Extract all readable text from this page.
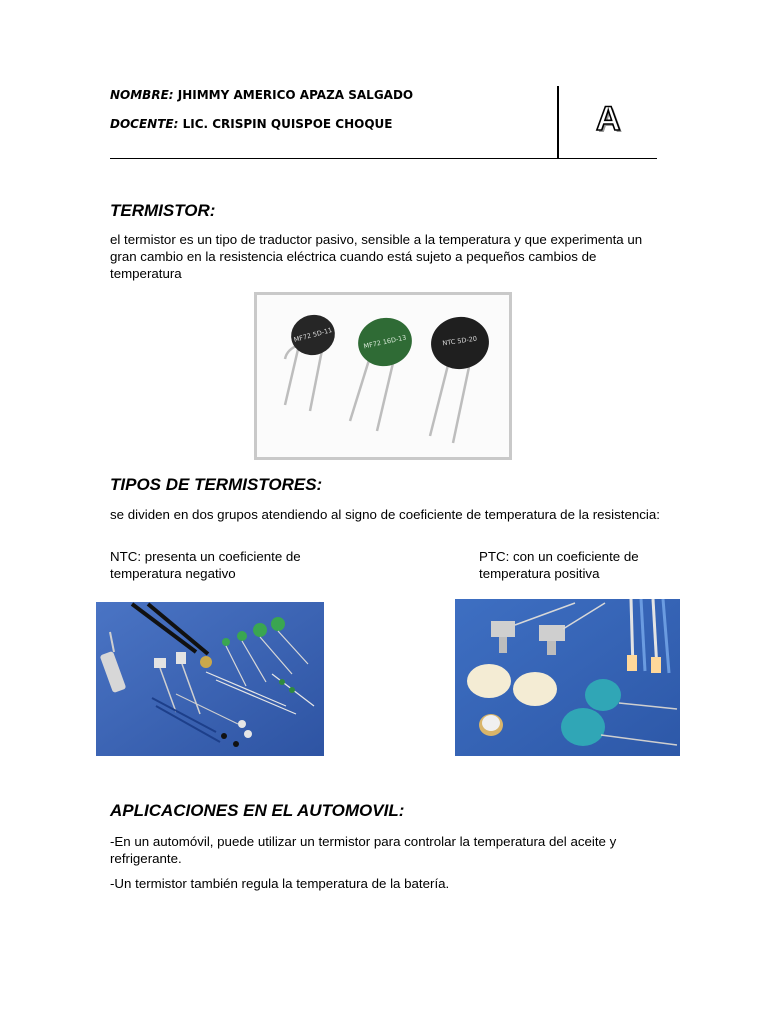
NOMBRE: JHIMMY AMERICO APAZA SALGADO
DOCENTE: LIC. CRISPIN QUISPOE CHOQUE	A
TERMISTOR:

el termistor es un tipo de traductor pasivo, sensible a la temperatura y que experimenta un gran cambio en la resistencia eléctrica cuando está sujeto a pequeños cambios de temperatura

MF72 5D-11	MF72 16D-13	NTC 5D-20
TIPOS DE TERMISTORES:

se dividen en dos grupos atendiendo al signo de coeficiente de temperatura de la resistencia:

NTC: presenta un coeficiente de temperatura negativo

PTC: con un coeficiente de temperatura positiva

APLICACIONES EN EL AUTOMOVIL:

-En un automóvil, puede utilizar un termistor para controlar la temperatura del aceite y refrigerante.

-Un termistor también regula la temperatura de la batería.
